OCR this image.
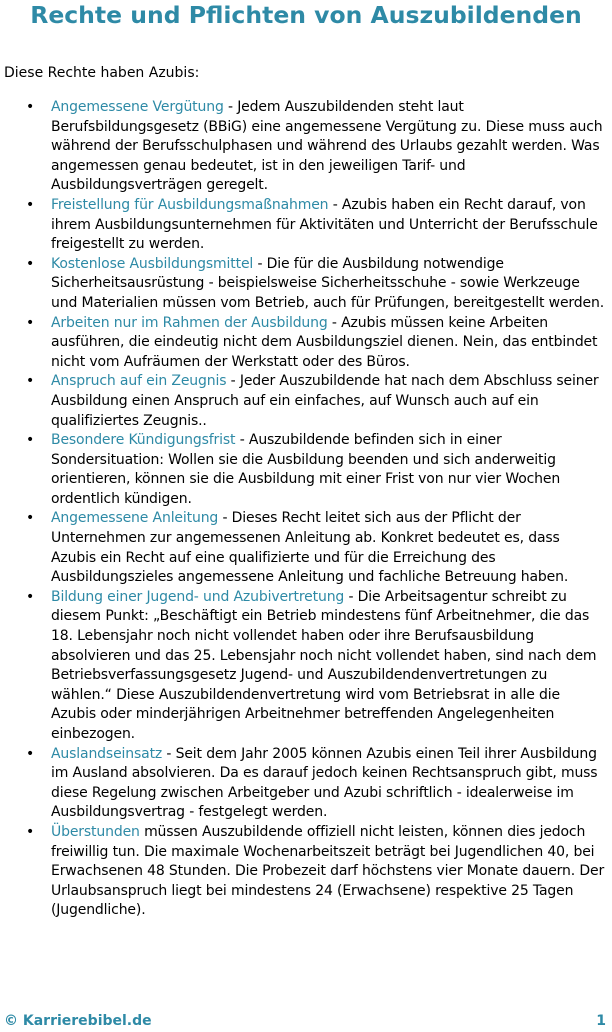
Rechte und Pflichten von Auszubildenden

Diese Rechte haben Azubis:

• Angemessene Vergütung - Jedem Auszubildenden steht laut Berufsbildungsgesetz (BBiG) eine angemessene Vergütung zu. Diese muss auch während der Berufsschulphasen und während des Urlaubs gezahlt werden. Was angemessen genau bedeutet, ist in den jeweiligen Tarif- und Ausbildungsverträgen geregelt.
• Freistellung für Ausbildungsmaßnahmen - Azubis haben ein Recht darauf, von ihrem Ausbildungsunternehmen für Aktivitäten und Unterricht der Berufsschule freigestellt zu werden.
• Kostenlose Ausbildungsmittel - Die für die Ausbildung notwendige Sicherheitsausrüstung - beispielsweise Sicherheitsschuhe - sowie Werkzeuge und Materialien müssen vom Betrieb, auch für Prüfungen, bereitgestellt werden.
• Arbeiten nur im Rahmen der Ausbildung - Azubis müssen keine Arbeiten ausführen, die eindeutig nicht dem Ausbildungsziel dienen. Nein, das entbindet nicht vom Aufräumen der Werkstatt oder des Büros.
• Anspruch auf ein Zeugnis - Jeder Auszubildende hat nach dem Abschluss seiner Ausbildung einen Anspruch auf ein einfaches, auf Wunsch auch auf ein qualifiziertes Zeugnis..
• Besondere Kündigungsfrist - Auszubildende befinden sich in einer Sondersituation: Wollen sie die Ausbildung beenden und sich anderweitig orientieren, können sie die Ausbildung mit einer Frist von nur vier Wochen ordentlich kündigen.
• Angemessene Anleitung - Dieses Recht leitet sich aus der Pflicht der Unternehmen zur angemessenen Anleitung ab. Konkret bedeutet es, dass Azubis ein Recht auf eine qualifizierte und für die Erreichung des Ausbildungszieles angemessene Anleitung und fachliche Betreuung haben.
• Bildung einer Jugend- und Azubivertretung - Die Arbeitsagentur schreibt zu diesem Punkt: „Beschäftigt ein Betrieb mindestens fünf Arbeitnehmer, die das 18. Lebensjahr noch nicht vollendet haben oder ihre Berufsausbildung absolvieren und das 25. Lebensjahr noch nicht vollendet haben, sind nach dem Betriebsverfassungsgesetz Jugend- und Auszubildendenvertretungen zu wählen.“ Diese Auszubildendenvertretung wird vom Betriebsrat in alle die Azubis oder minderjährigen Arbeitnehmer betreffenden Angelegenheiten einbezogen.
• Auslandseinsatz - Seit dem Jahr 2005 können Azubis einen Teil ihrer Ausbildung im Ausland absolvieren. Da es darauf jedoch keinen Rechtsanspruch gibt, muss diese Regelung zwischen Arbeitgeber und Azubi schriftlich - idealerweise im Ausbildungsvertrag - festgelegt werden.
• Überstunden müssen Auszubildende offiziell nicht leisten, können dies jedoch freiwillig tun. Die maximale Wochenarbeitszeit beträgt bei Jugendlichen 40, bei Erwachsenen 48 Stunden. Die Probezeit darf höchstens vier Monate dauern. Der Urlaubsanspruch liegt bei mindestens 24 (Erwachsene) respektive 25 Tagen (Jugendliche).
© Karrierebibel.de	1
